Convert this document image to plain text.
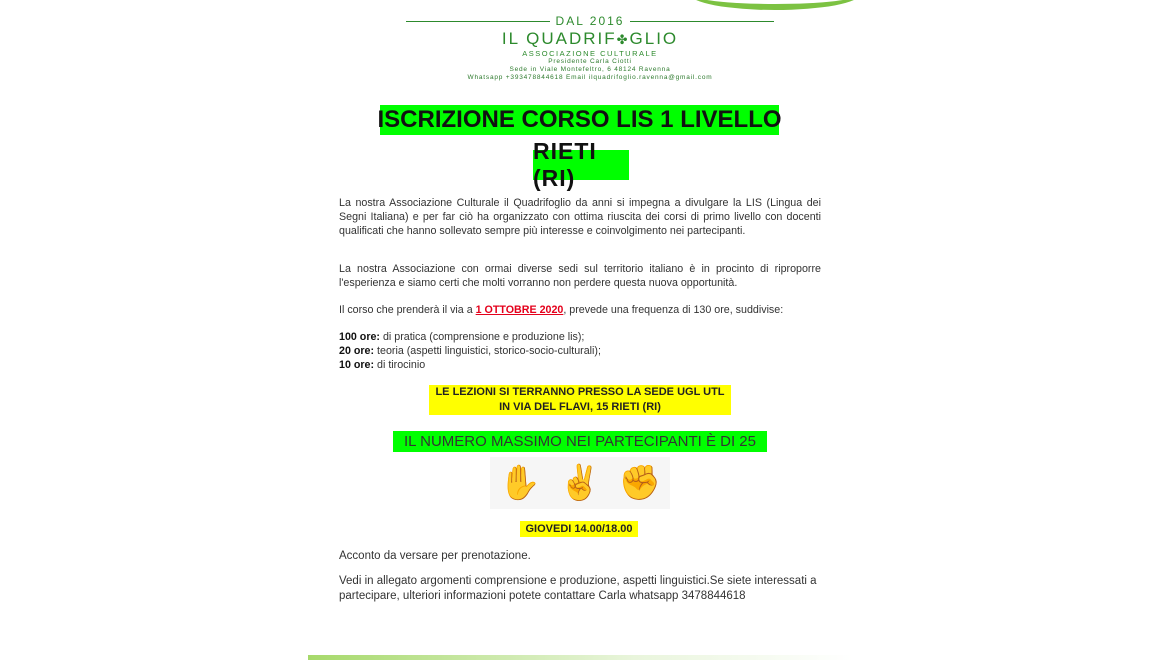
DAL 2016
IL QUADRIF✤GLIO
ASSOCIAZIONE CULTURALE
Presidente Carla Ciotti
Sede in Viale Montefeltro, 6 48124 Ravenna
Whatsapp +393478844618 Email ilquadrifoglio.ravenna@gmail.com
ISCRIZIONE CORSO LIS 1 LIVELLO
RIETI (RI)
La nostra Associazione Culturale il Quadrifoglio da anni si impegna a divulgare la LIS (Lingua dei Segni Italiana) e per far ciò ha organizzato con ottima riuscita dei corsi di primo livello con docenti qualificati che hanno sollevato sempre più interesse e coinvolgimento nei partecipanti.
La nostra Associazione con ormai diverse sedi sul territorio italiano è in procinto di riproporre l'esperienza e siamo certi che molti vorranno non perdere questa nuova opportunità.
Il corso che prenderà il via a 1 OTTOBRE 2020, prevede una frequenza di 130 ore, suddivise:
100 ore: di pratica (comprensione e produzione lis);
20 ore: teoria (aspetti linguistici, storico-socio-culturali);
10 ore: di tirocinio
LE LEZIONI SI TERRANNO PRESSO LA SEDE UGL UTL
IN VIA DEL FLAVI, 15 RIETI (RI)
IL NUMERO MASSIMO NEI PARTECIPANTI È DI 25
✋ ✌ ✊
GIOVEDI 14.00/18.00
Acconto da versare per prenotazione.
Vedi in allegato argomenti comprensione e produzione, aspetti linguistici.Se siete interessati a partecipare, ulteriori informazioni potete contattare Carla whatsapp 3478844618
